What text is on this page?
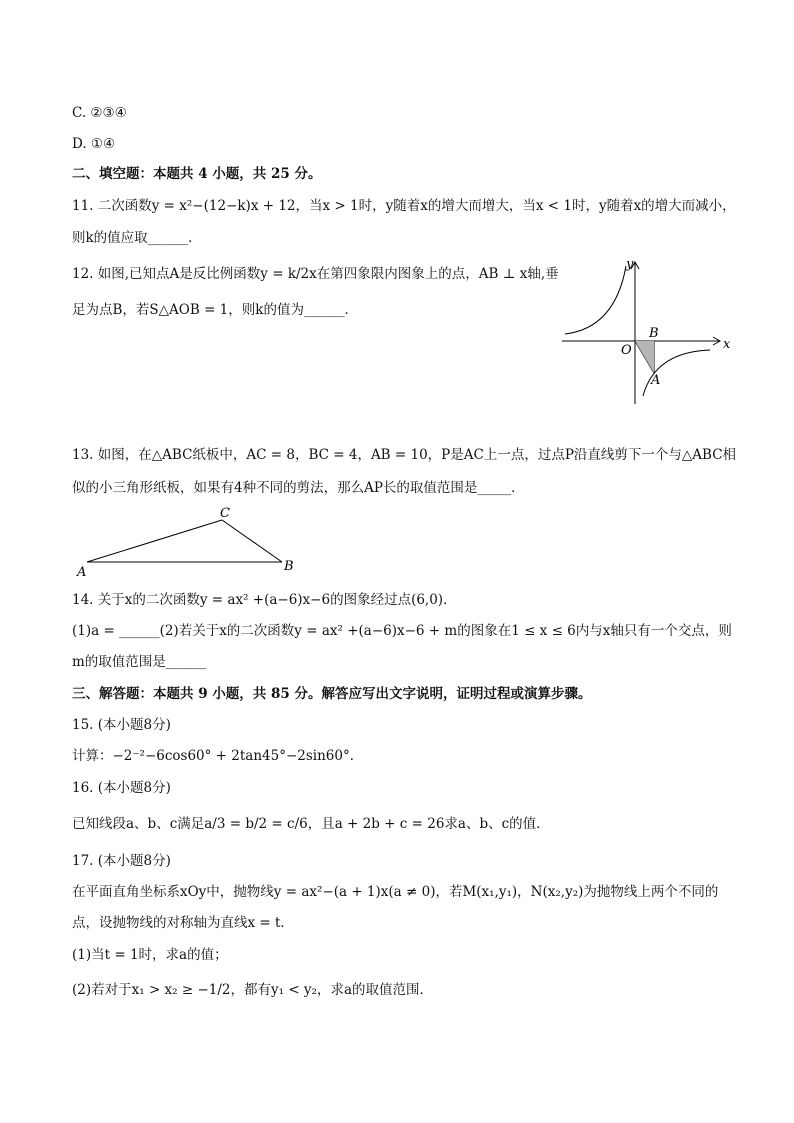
C. ②③④
D. ①④
二、填空题：本题共 4 小题，共 25 分。
11. 二次函数y = x²−(12−k)x + 12，当x > 1时，y随着x的增大而增大，当x < 1时，y随着x的增大而减小，
则k的值应取______．
12. 如图,已知点A是反比例函数y = k/2x在第四象限内图象上的点，AB ⊥ x轴,垂
足为点B，若S△AOB = 1，则k的值为______．
x
y
O
B
A
13. 如图，在△ABC纸板中，AC = 8，BC = 4，AB = 10，P是AC上一点，过点P沿直线剪下一个与△ABC相
似的小三角形纸板，如果有4种不同的剪法，那么AP长的取值范围是_____．
C
A	B
14. 关于x的二次函数y = ax² +(a−6)x−6的图象经过点(6,0)．
(1)a = ______(2)若关于x的二次函数y = ax² +(a−6)x−6 + m的图象在1 ≤ x ≤ 6内与x轴只有一个交点，则
m的取值范围是______
三、解答题：本题共 9 小题，共 85 分。解答应写出文字说明，证明过程或演算步骤。
15. (本小题8分)
计算：−2⁻²−6cos60° + 2tan45°−2sin60°．
16. (本小题8分)
已知线段a、b、c满足a/3 = b/2 = c/6，且a + 2b + c = 26求a、b、c的值．
17. (本小题8分)
在平面直角坐标系xOy中，抛物线y = ax²−(a + 1)x(a ≠ 0)，若M(x₁,y₁)，N(x₂,y₂)为抛物线上两个不同的
点，设抛物线的对称轴为直线x = t．
(1)当t = 1时，求a的值；
(2)若对于x₁ > x₂ ≥ −1/2，都有y₁ < y₂，求a的取值范围．
